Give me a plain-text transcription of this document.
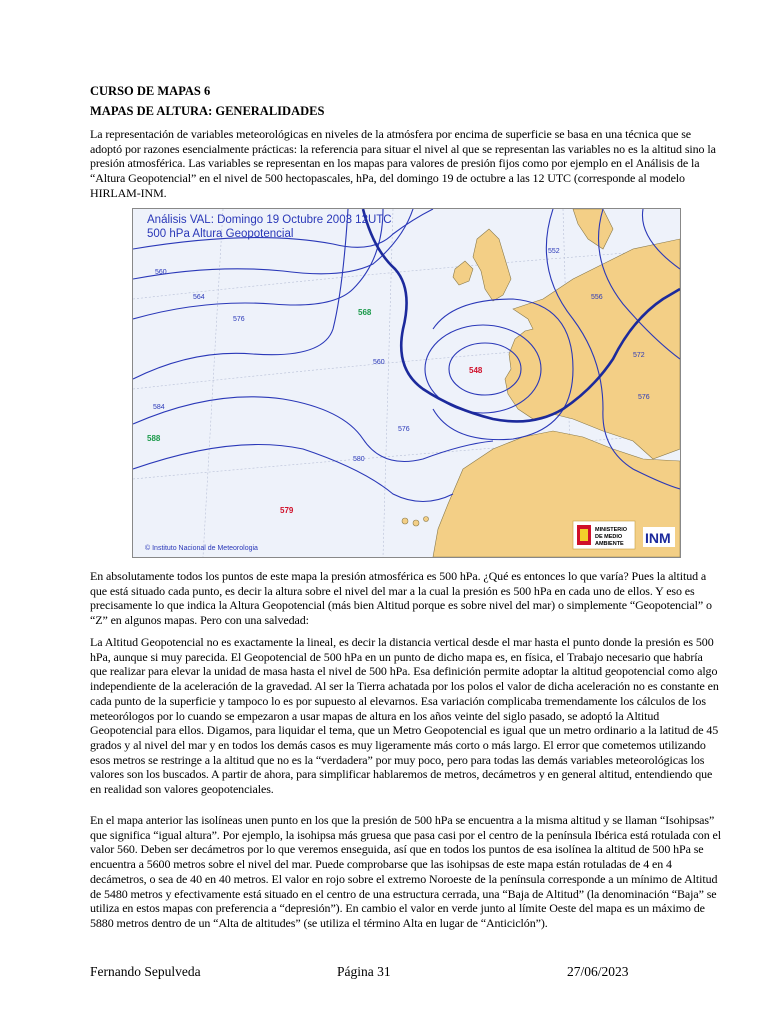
CURSO DE MAPAS 6
MAPAS DE ALTURA: GENERALIDADES
La representación de variables meteorológicas en niveles de la atmósfera por encima de superficie se basa en una técnica que se adoptó por razones esencialmente prácticas: la referencia para situar el nivel al que se representan las variables no es la altitud sino la presión atmosférica. Las variables se representan en los mapas para valores de presión fijos como por ejemplo en el Análisis de la “Altura Geopotencial” en el nivel de 500 hectopascales, hPa, del domingo 19 de octubre a las 12 UTC (corresponde al modelo HIRLAM-INM.
560
564
576
576
580
584
552
556
560
572
576
548
588
579
568
Análisis VAL: Domingo 19 Octubre 2003 12UTC
500 hPa Altura Geopotencial
© Instituto Nacional de Meteorologia
MINISTERIO
DE MEDIO
AMBIENTE INM
En absolutamente todos los puntos de este mapa la presión atmosférica es 500 hPa. ¿Qué es entonces lo que varía? Pues la altitud a que está situado cada punto, es decir la altura sobre el nivel del mar a la cual la presión es 500 hPa en cada uno de ellos. Y eso es precisamente lo que indica la Altura Geopotencial (más bien Altitud porque es sobre nivel del mar) o simplemente “Geopotencial” o “Z” en algunos mapas. Pero con una salvedad:
La Altitud Geopotencial no es exactamente la lineal, es decir la distancia vertical desde el mar hasta el punto donde la presión es 500 hPa, aunque si muy parecida. El Geopotencial de 500 hPa en un punto de dicho mapa es, en física, el Trabajo necesario que habría que realizar para elevar la unidad de masa hasta el nivel de 500 hPa. Esa definición permite adoptar la altitud geopotencial como algo independiente de la aceleración de la gravedad. Al ser la Tierra achatada por los polos el valor de dicha aceleración no es constante en cada punto de la superficie y tampoco lo es por supuesto al elevarnos. Esa variación complicaba tremendamente los cálculos de los meteorólogos por lo cuando se empezaron a usar mapas de altura en los años veinte del siglo pasado, se adoptó la Altitud Geopotencial para ellos. Digamos, para liquidar el tema, que un Metro Geopotencial es igual que un metro ordinario a la latitud de 45 grados y al nivel del mar y en todos los demás casos es muy ligeramente más corto o más largo. El error que cometemos utilizando esos metros se restringe a la altitud que no es la “verdadera” por muy poco, pero para todas las demás variables meteorológicas los valores son los buscados. A partir de ahora, para simplificar hablaremos de metros, decámetros y en general altitud, entendiendo que en realidad son valores geopotenciales.
En el mapa anterior las isolíneas unen punto en los que la presión de 500 hPa se encuentra a la misma altitud y se llaman “Isohipsas” que significa “igual altura”. Por ejemplo, la isohipsa más gruesa que pasa casi por el centro de la península Ibérica está rotulada con el valor 560. Deben ser decámetros por lo que veremos enseguida, así que en todos los puntos de esa isolínea la altitud de 500 hPa se encuentra a 5600 metros sobre el nivel del mar. Puede comprobarse que las isohipsas de este mapa están rotuladas de 4 en 4 decámetros, o sea de 40 en 40 metros. El valor en rojo sobre el extremo Noroeste de la península corresponde a un mínimo de Altitud de 5480 metros y efectivamente está situado en el centro de una estructura cerrada, una “Baja de Altitud” (la denominación “Baja” se utiliza en estos mapas con preferencia a “depresión”). En cambio el valor en verde junto al límite Oeste del mapa es un máximo de 5880 metros dentro de un “Alta de altitudes” (se utiliza el término Alta en lugar de “Anticiclón”).
Fernando Sepulveda	Página 31	27/06/2023
